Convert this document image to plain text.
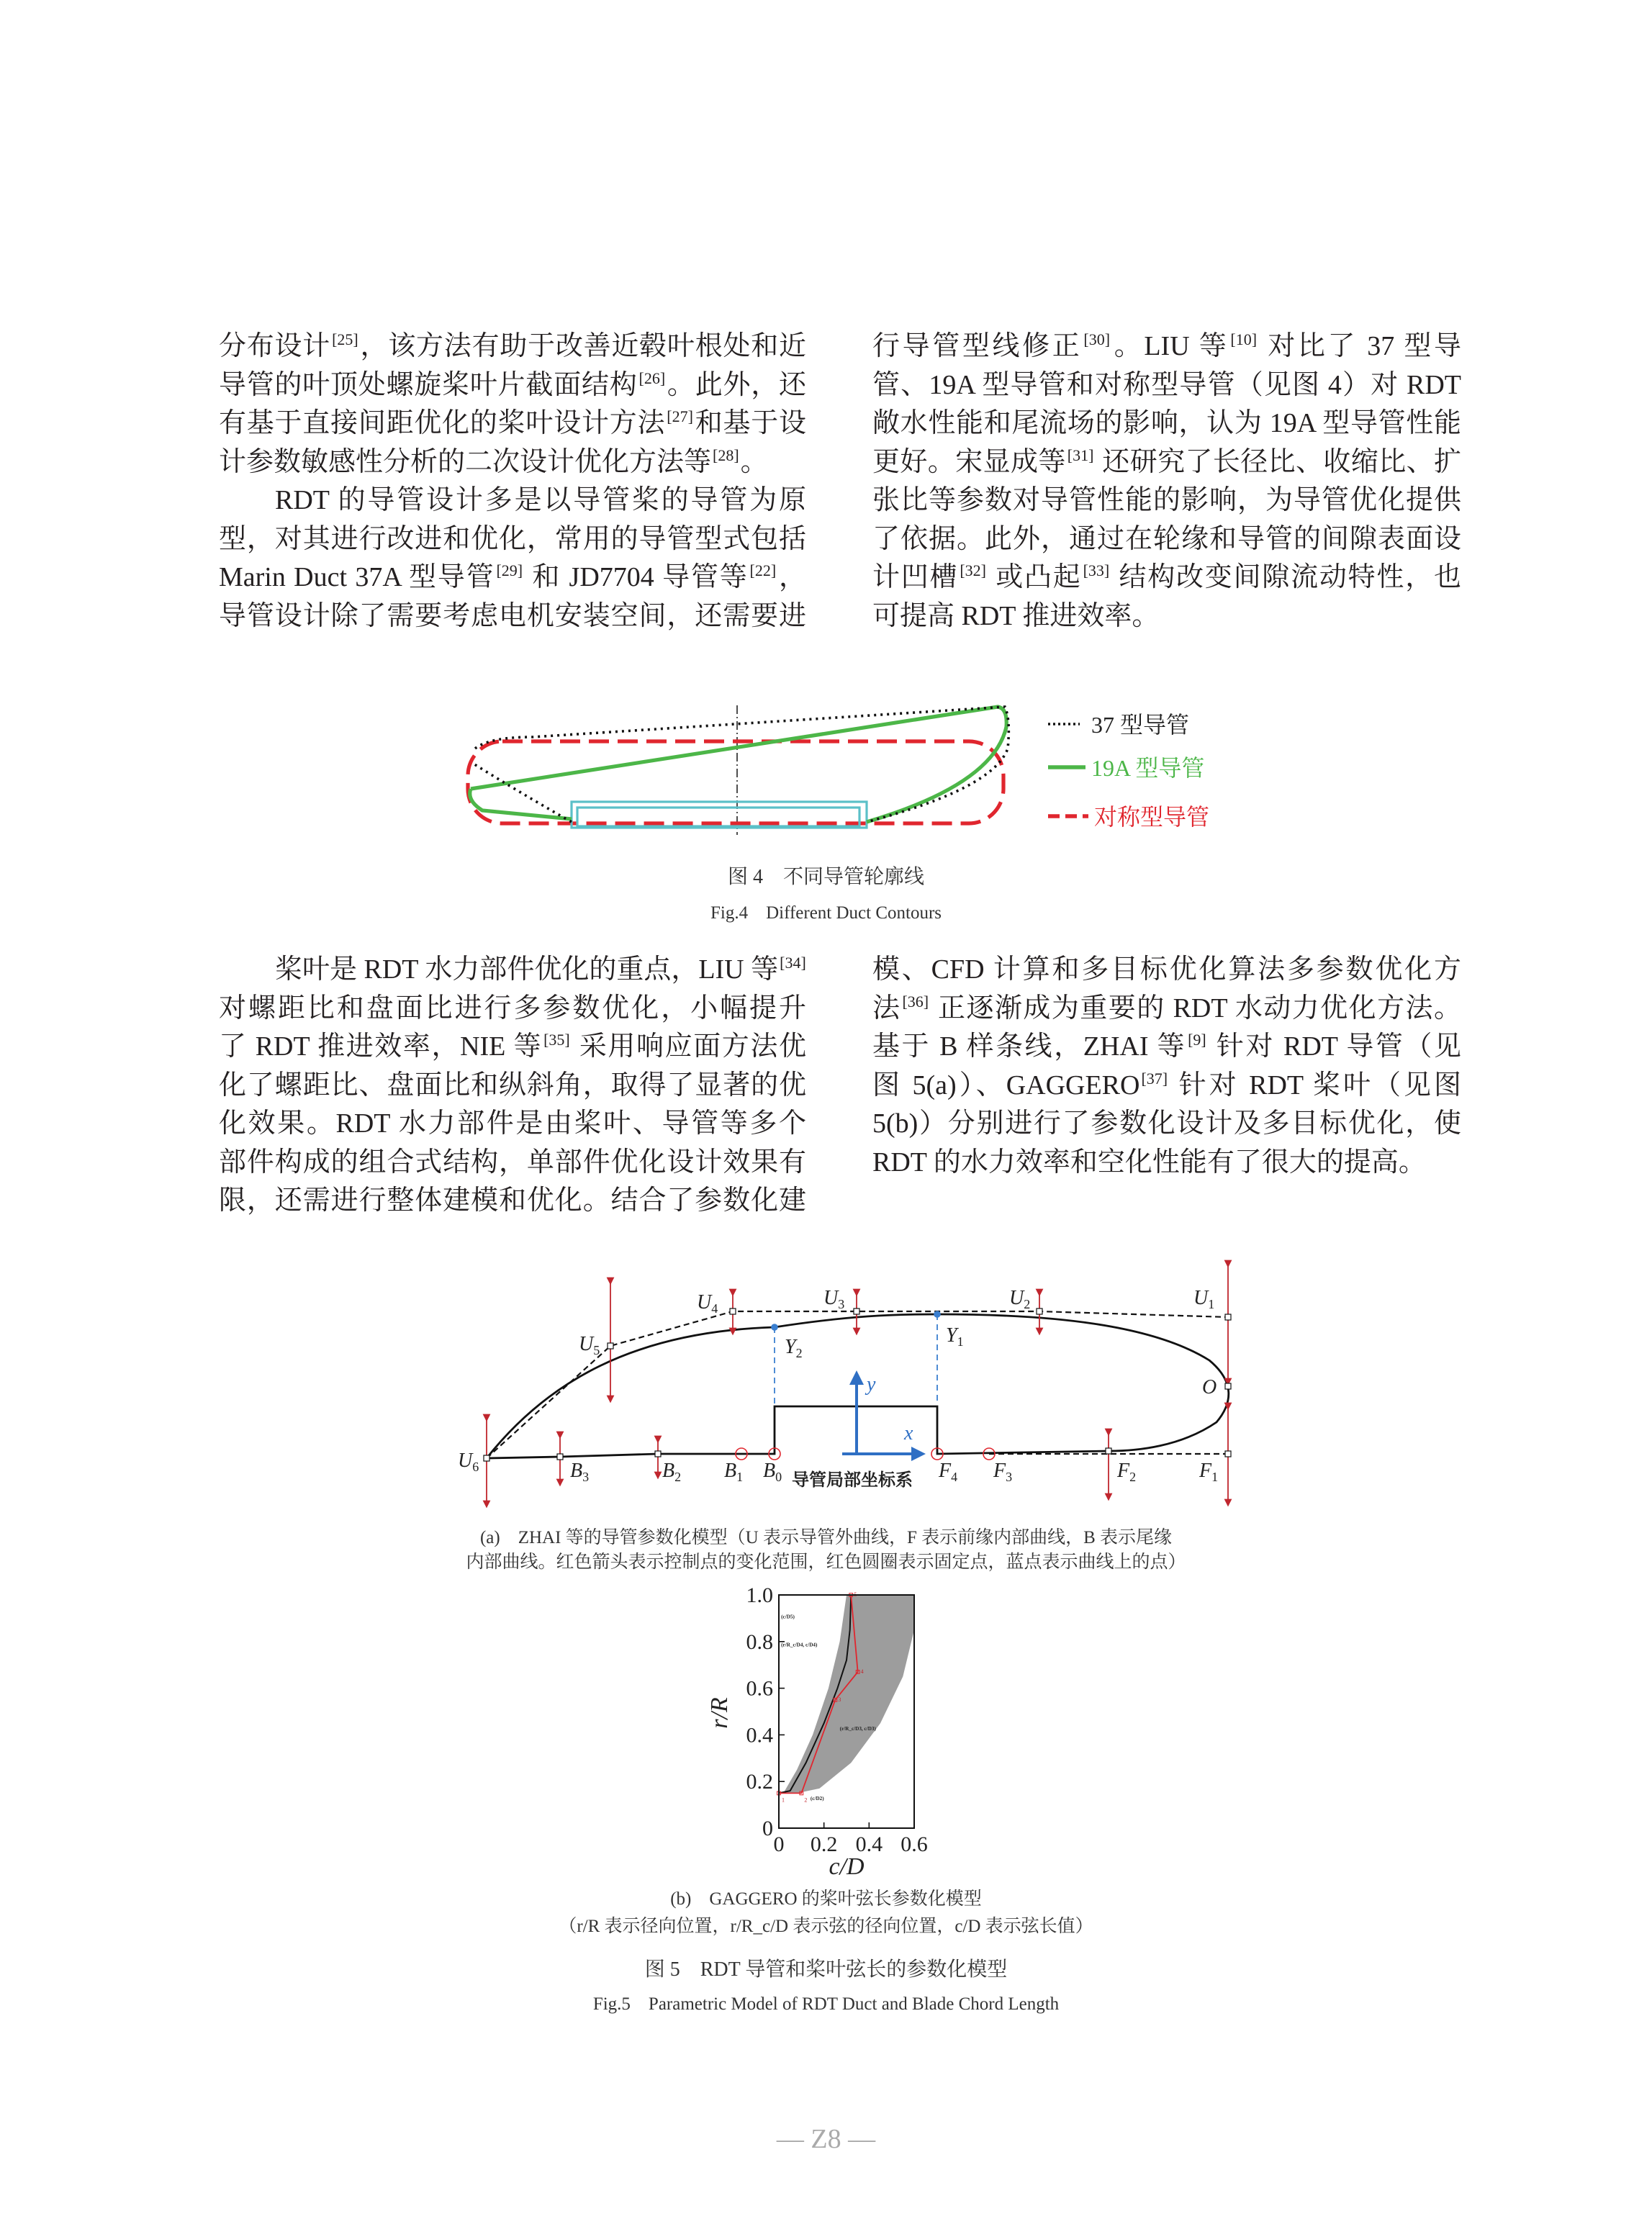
分布设计[25]，该方法有助于改善近毂叶根处和近
导管的叶顶处螺旋桨叶片截面结构[26]。此外，还
有基于直接间距优化的桨叶设计方法[27]和基于设
计参数敏感性分析的二次设计优化方法等[28]。
RDT 的导管设计多是以导管桨的导管为原
型，对其进行改进和优化，常用的导管型式包括
Marin Duct 37A 型导管[29] 和 JD7704 导管等[22]，
导管设计除了需要考虑电机安装空间，还需要进
行导管型线修正[30]。LIU 等[10] 对比了 37 型导
管、19A 型导管和对称型导管（见图 4）对 RDT
敞水性能和尾流场的影响，认为 19A 型导管性能
更好。宋显成等[31] 还研究了长径比、收缩比、扩
张比等参数对导管性能的影响，为导管优化提供
了依据。此外，通过在轮缘和导管的间隙表面设
计凹槽[32] 或凸起[33] 结构改变间隙流动特性，也
可提高 RDT 推进效率。
桨叶是 RDT 水力部件优化的重点，LIU 等[34]
对螺距比和盘面比进行多参数优化，小幅提升
了 RDT 推进效率，NIE 等[35] 采用响应面方法优
化了螺距比、盘面比和纵斜角，取得了显著的优
化效果。RDT 水力部件是由桨叶、导管等多个
部件构成的组合式结构，单部件优化设计效果有
限，还需进行整体建模和优化。结合了参数化建
模、CFD 计算和多目标优化算法多参数优化方
法[36] 正逐渐成为重要的 RDT 水动力优化方法。
基于 B 样条线，ZHAI 等[9] 针对 RDT 导管（见
图 5(a)）、GAGGERO[37] 针对 RDT 桨叶（见图
5(b)）分别进行了参数化设计及多目标优化，使
RDT 的水力效率和空化性能有了很大的提高。
37 型导管
19A 型导管
对称型导管
y
x
导管局部坐标系
$U_6$
$U_5$
$U_4$	$U_3$	$U_2$	$U_1$
O
$Y_2$
$Y_1$
$B_3$	$B_2$	$B_1$ $B_0$	$F_4$	$F_3$	$F_2$	$F_1$
1	2
3
4
5
0
0.2
0.4
0.6
0.8
1.0
0 0.2 0.4 0.6
c/D
r/R
(c/D5)
(r/R_c/D4, c/D4)
(r/R_c/D3, c/D3)
(c/D2)
图 4　不同导管轮廓线
Fig.4　Different Duct Contours
(a)　ZHAI 等的导管参数化模型（U 表示导管外曲线，F 表示前缘内部曲线，B 表示尾缘
内部曲线。红色箭头表示控制点的变化范围，红色圆圈表示固定点，蓝点表示曲线上的点）
(b)　GAGGERO 的桨叶弦长参数化模型
（r/R 表示径向位置，r/R_c/D 表示弦的径向位置，c/D 表示弦长值）
图 5　RDT 导管和桨叶弦长的参数化模型
Fig.5　Parametric Model of RDT Duct and Blade Chord Length
— Z8 —
